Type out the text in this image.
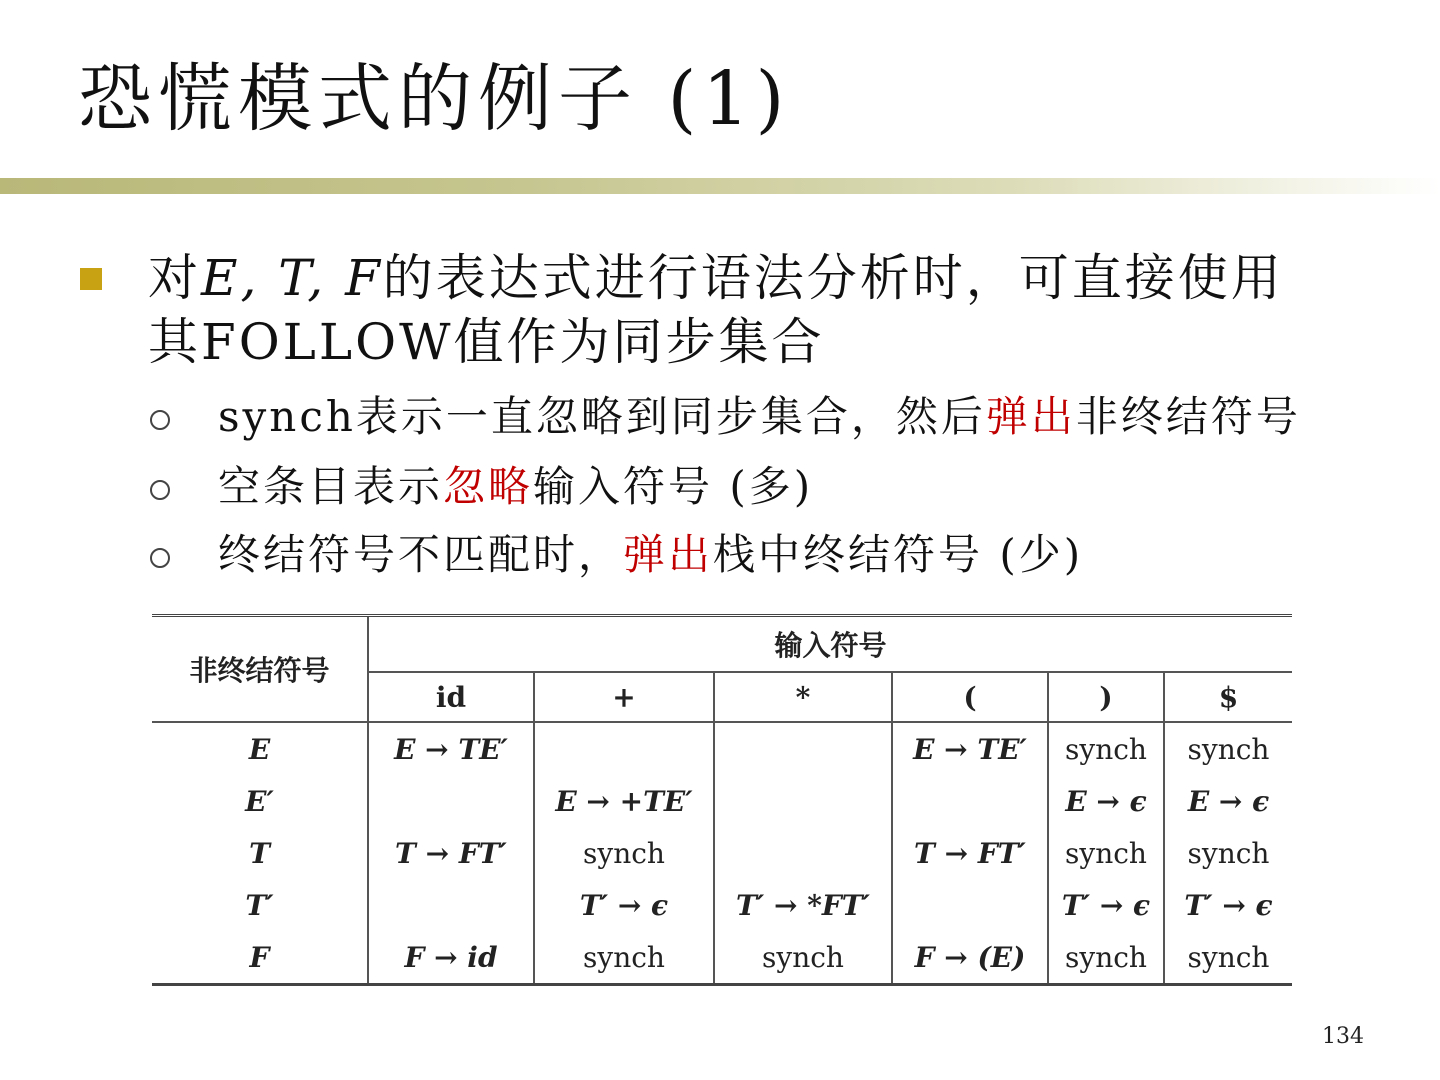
恐慌模式的例子 (1)
对E, T, F的表达式进行语法分析时，可直接使用其FOLLOW值作为同步集合
synch表示一直忽略到同步集合，然后弹出非终结符号
空条目表示忽略输入符号 (多)
终结符号不匹配时，弹出栈中终结符号 (少)
非终结符号	输入符号					
	id	+	*	(	)	$
E	E → TE′			E → TE′	synch	synch
E′		E → +TE′			E → ϵ	E → ϵ
T	T → FT′	synch		T → FT′	synch	synch
T′		T′ → ϵ	T′ → *FT′		T′ → ϵ	T′ → ϵ
F	F → id	synch	synch	F → (E)	synch	synch
134
